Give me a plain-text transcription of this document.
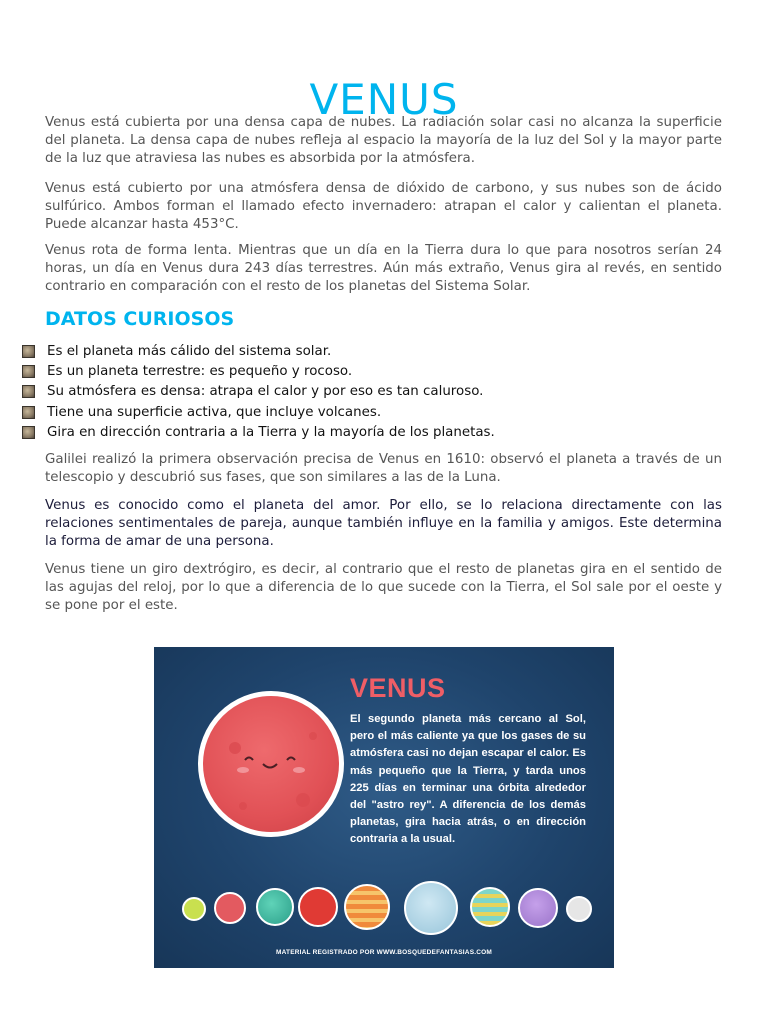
VENUS

Venus está cubierta por una densa capa de nubes. La radiación solar casi no alcanza la superficie del planeta. La densa capa de nubes refleja al espacio la mayoría de la luz del Sol y la mayor parte de la luz que atraviesa las nubes es absorbida por la atmósfera.

Venus está cubierto por una atmósfera densa de dióxido de carbono, y sus nubes son de ácido sulfúrico. Ambos forman el llamado efecto invernadero: atrapan el calor y calientan el planeta. Puede alcanzar hasta 453°C.

Venus rota de forma lenta. Mientras que un día en la Tierra dura lo que para nosotros serían 24 horas, un día en Venus dura 243 días terrestres. Aún más extraño, Venus gira al revés, en sentido contrario en comparación con el resto de los planetas del Sistema Solar.

DATOS CURIOSOS
Es el planeta más cálido del sistema solar.
Es un planeta terrestre: es pequeño y rocoso.
Su atmósfera es densa: atrapa el calor y por eso es tan caluroso.
Tiene una superficie activa, que incluye volcanes.
Gira en dirección contraria a la Tierra y la mayoría de los planetas.

Galilei realizó la primera observación precisa de Venus en 1610: observó el planeta a través de un telescopio y descubrió sus fases, que son similares a las de la Luna.

Venus es conocido como el planeta del amor. Por ello, se lo relaciona directamente con las relaciones sentimentales de pareja, aunque también influye en la familia y amigos. Este determina la forma de amar de una persona.

Venus tiene un giro dextrógiro, es decir, al contrario que el resto de planetas gira en el sentido de las agujas del reloj, por lo que a diferencia de lo que sucede con la Tierra, el Sol sale por el oeste y se pone por el este.

VENUS
El segundo planeta más cercano al Sol, pero el más caliente ya que los gases de su atmósfera casi no dejan escapar el calor. Es más pequeño que la Tierra, y tarda unos 225 días en terminar una órbita alrededor del "astro rey". A diferencia de los demás planetas, gira hacia atrás, o en dirección contraria a la usual.
MATERIAL REGISTRADO POR WWW.BOSQUEDEFANTASIAS.COM
